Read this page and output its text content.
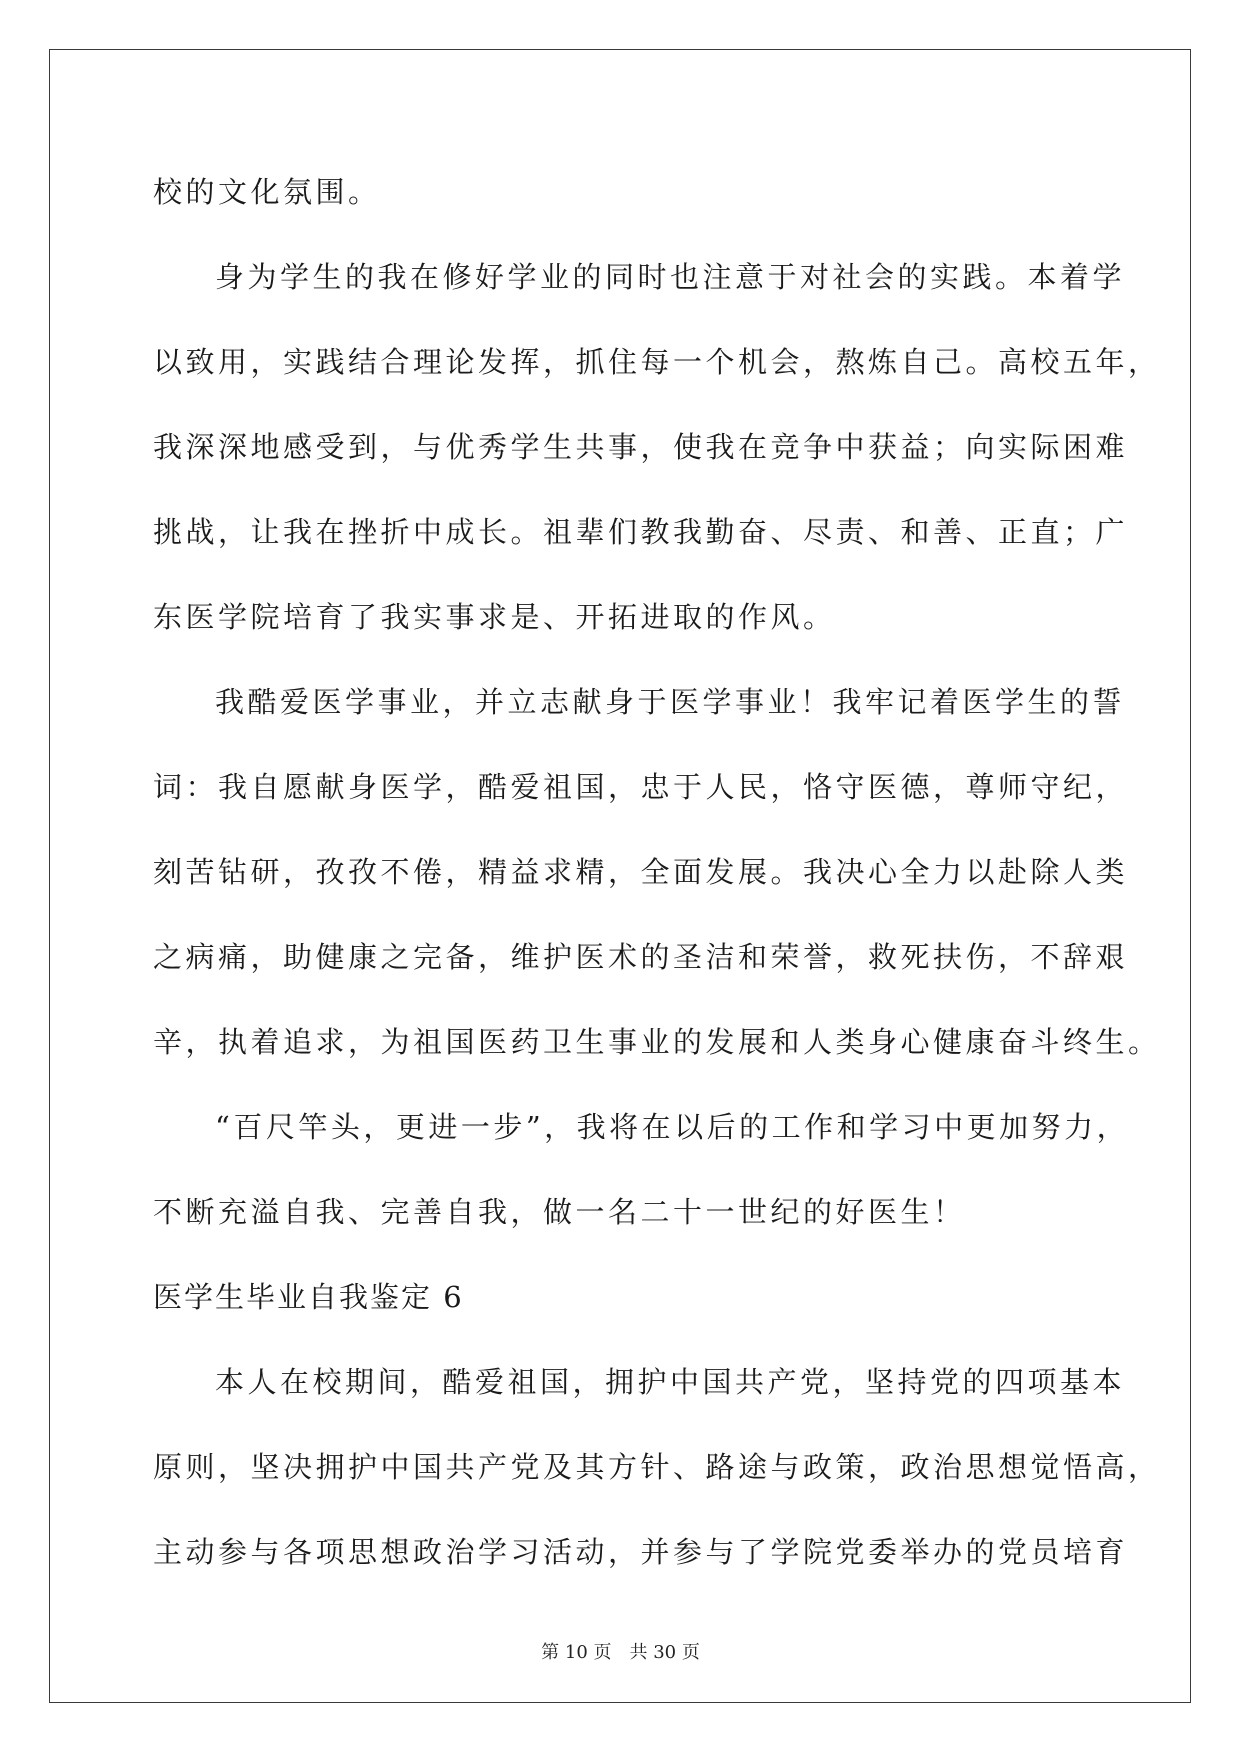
校的文化氛围。
身为学生的我在修好学业的同时也注意于对社会的实践。本着学
以致用，实践结合理论发挥，抓住每一个机会，熬炼自己。高校五年，
我深深地感受到，与优秀学生共事，使我在竞争中获益；向实际困难
挑战，让我在挫折中成长。祖辈们教我勤奋、尽责、和善、正直；广
东医学院培育了我实事求是、开拓进取的作风。
我酷爱医学事业，并立志献身于医学事业！我牢记着医学生的誓
词：我自愿献身医学，酷爱祖国，忠于人民，恪守医德，尊师守纪，
刻苦钻研，孜孜不倦，精益求精，全面发展。我决心全力以赴除人类
之病痛，助健康之完备，维护医术的圣洁和荣誉，救死扶伤，不辞艰
辛，执着追求，为祖国医药卫生事业的发展和人类身心健康奋斗终生。
“百尺竿头，更进一步”，我将在以后的工作和学习中更加努力，
不断充溢自我、完善自我，做一名二十一世纪的好医生！
医学生毕业自我鉴定 6
本人在校期间，酷爱祖国，拥护中国共产党，坚持党的四项基本
原则，坚决拥护中国共产党及其方针、路途与政策，政治思想觉悟高，
主动参与各项思想政治学习活动，并参与了学院党委举办的党员培育
第 10 页 共 30 页
